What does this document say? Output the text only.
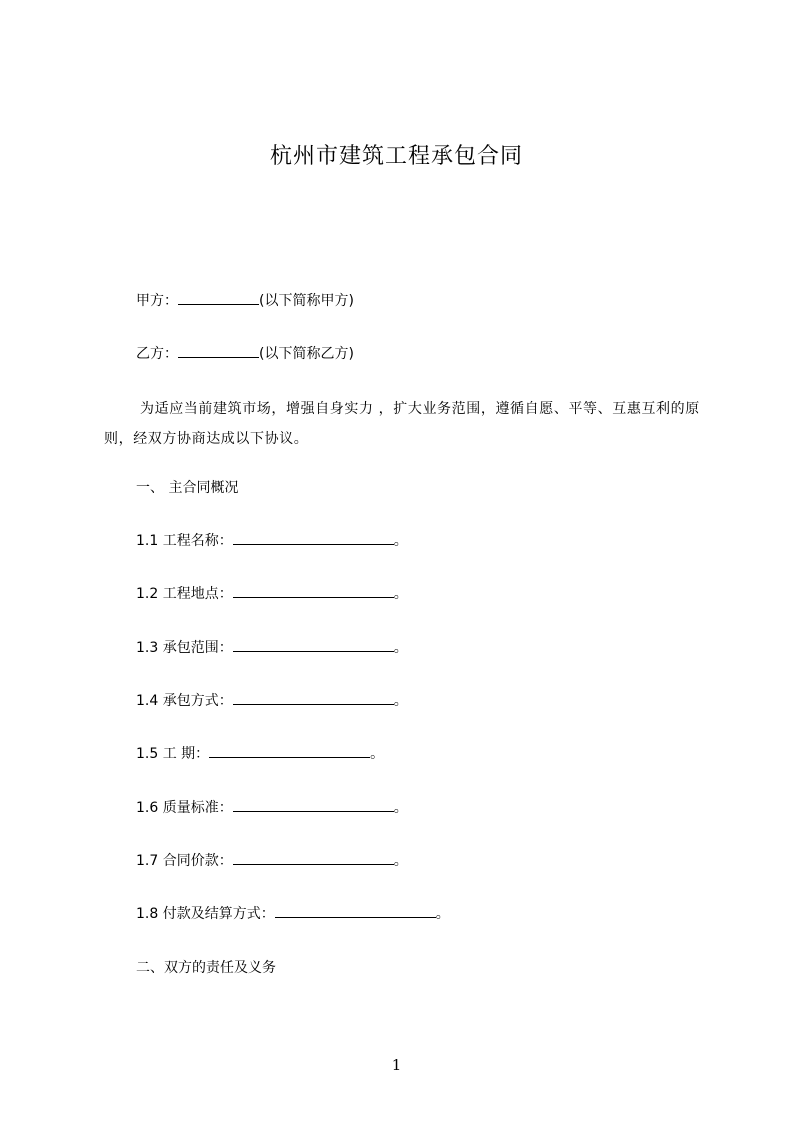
杭州市建筑工程承包合同
甲方：	(以下简称甲方)
乙方：	(以下简称乙方)
为适应当前建筑市场，增强自身实力 ，扩大业务范围，遵循自愿、平等、互惠互利的原则，经双方协商达成以下协议。
一、 主合同概况
1.1 工程名称：	。
1.2 工程地点：	。
1.3 承包范围：	。
1.4 承包方式：	。
1.5 工 期：	。
1.6 质量标准：	。
1.7 合同价款：	。
1.8 付款及结算方式：	。
二、双方的责任及义务
1
